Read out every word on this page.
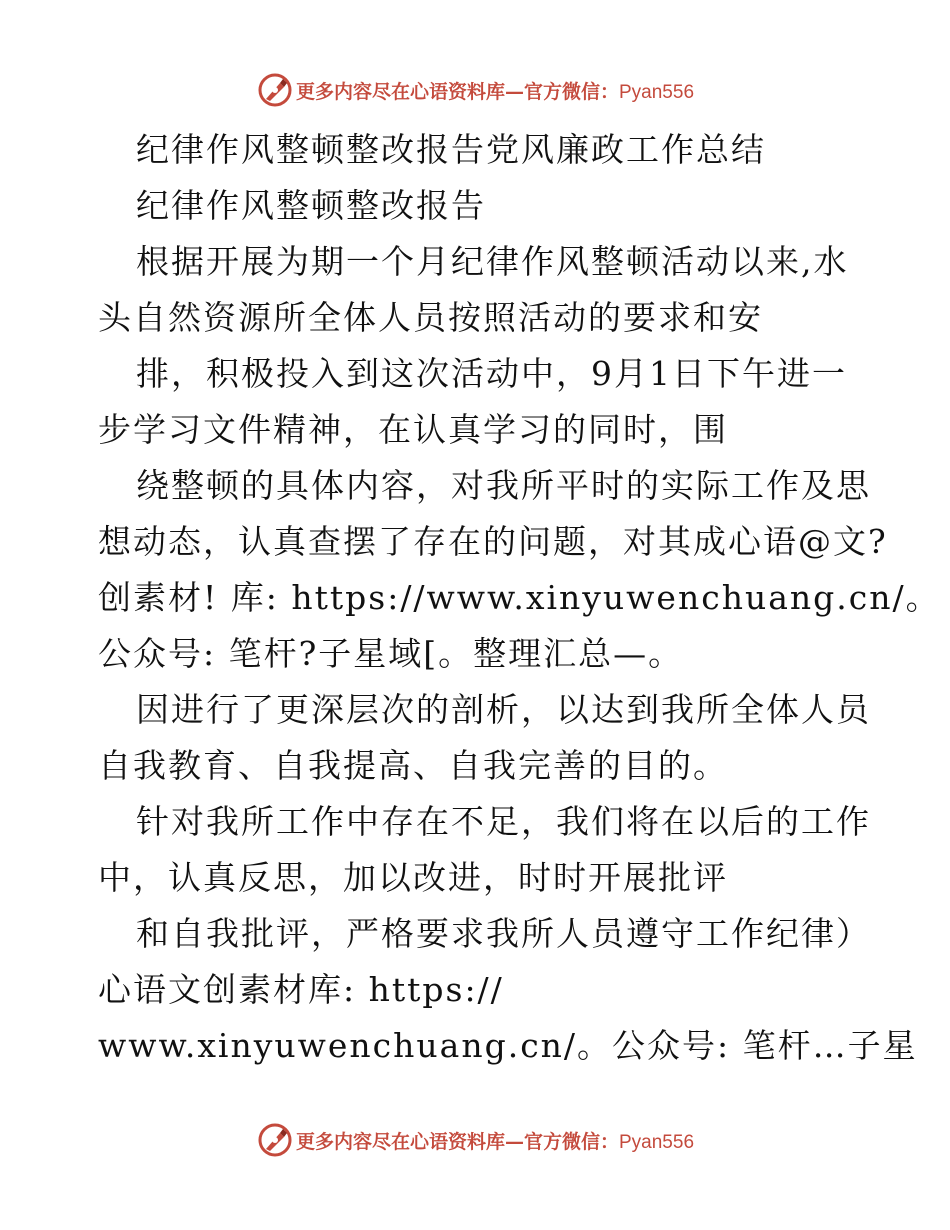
更多内容尽在心语资料库—官方微信：Pyan556
纪律作风整顿整改报告党风廉政工作总结
纪律作风整顿整改报告
根据开展为期一个月纪律作风整顿活动以来,水
头自然资源所全体人员按照活动的要求和安
排，积极投入到这次活动中，9月1日下午进一
步学习文件精神，在认真学习的同时，围
绕整顿的具体内容，对我所平时的实际工作及思
想动态，认真查摆了存在的问题，对其成心语@文?
创素材! 库: https://www.xinyuwenchuang.cn/。
公众号: 笔杆?子星域[。整理汇总—。
因进行了更深层次的剖析，以达到我所全体人员
自我教育、自我提高、自我完善的目的。
针对我所工作中存在不足，我们将在以后的工作
中，认真反思，加以改进，时时开展批评
和自我批评，严格要求我所人员遵守工作纪律）
心语文创素材库: https://
www.xinyuwenchuang.cn/。公众号: 笔杆…子星
更多内容尽在心语资料库—官方微信：Pyan556
